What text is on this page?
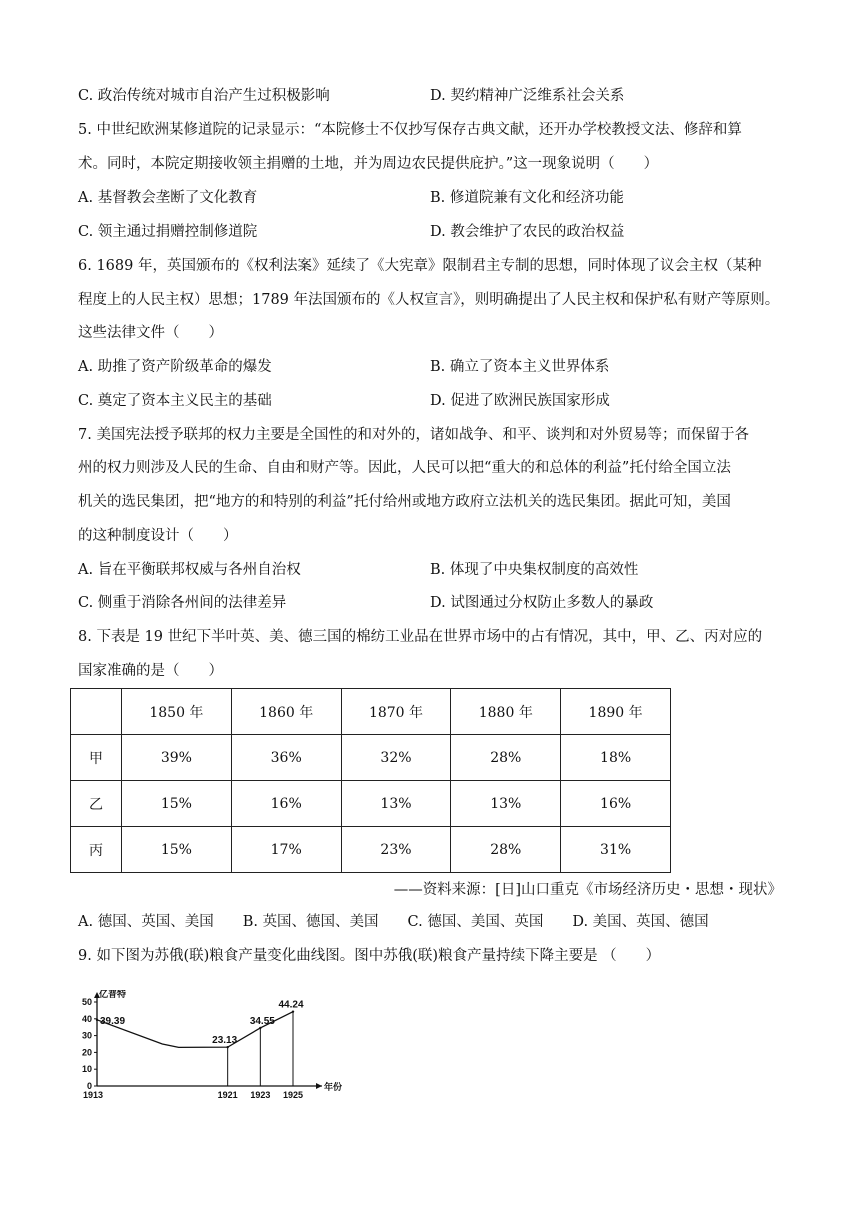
C. 政治传统对城市自治产生过积极影响	D. 契约精神广泛维系社会关系
5. 中世纪欧洲某修道院的记录显示：“本院修士不仅抄写保存古典文献，还开办学校教授文法、修辞和算
术。同时，本院定期接收领主捐赠的土地，并为周边农民提供庇护。”这一现象说明（　　）
A. 基督教会垄断了文化教育	B. 修道院兼有文化和经济功能
C. 领主通过捐赠控制修道院	D. 教会维护了农民的政治权益
6. 1689 年，英国颁布的《权利法案》延续了《大宪章》限制君主专制的思想，同时体现了议会主权（某种
程度上的人民主权）思想；1789 年法国颁布的《人权宣言》，则明确提出了人民主权和保护私有财产等原则。
这些法律文件（　　）
A. 助推了资产阶级革命的爆发	B. 确立了资本主义世界体系
C. 奠定了资本主义民主的基础	D. 促进了欧洲民族国家形成
7. 美国宪法授予联邦的权力主要是全国性的和对外的，诸如战争、和平、谈判和对外贸易等；而保留于各
州的权力则涉及人民的生命、自由和财产等。因此，人民可以把“重大的和总体的利益”托付给全国立法
机关的选民集团，把“地方的和特别的利益”托付给州或地方政府立法机关的选民集团。据此可知，美国
的这种制度设计（　　）
A. 旨在平衡联邦权威与各州自治权	B. 体现了中央集权制度的高效性
C. 侧重于消除各州间的法律差异	D. 试图通过分权防止多数人的暴政
8. 下表是 19 世纪下半叶英、美、德三国的棉纺工业品在世界市场中的占有情况，其中，甲、乙、丙对应的
国家准确的是（　　）
	1850 年	1860 年	1870 年	1880 年	1890 年
甲	39%	36%	32%	28%	18%
乙	15%	16%	13%	13%	16%
丙	15%	17%	23%	28%	31%
——资料来源：[日]山口重克《市场经济历史・思想・现状》
A. 德国、英国、美国　　B. 英国、德国、美国　　C. 德国、美国、英国　　D. 美国、英国、德国
9. 如下图为苏俄(联)粮食产量变化曲线图。图中苏俄(联)粮食产量持续下降主要是 （　　）
亿普特
0
10
20
30
40
50
1913	1921 1923 1925
年份
39.39
23.13
34.55
44.24
